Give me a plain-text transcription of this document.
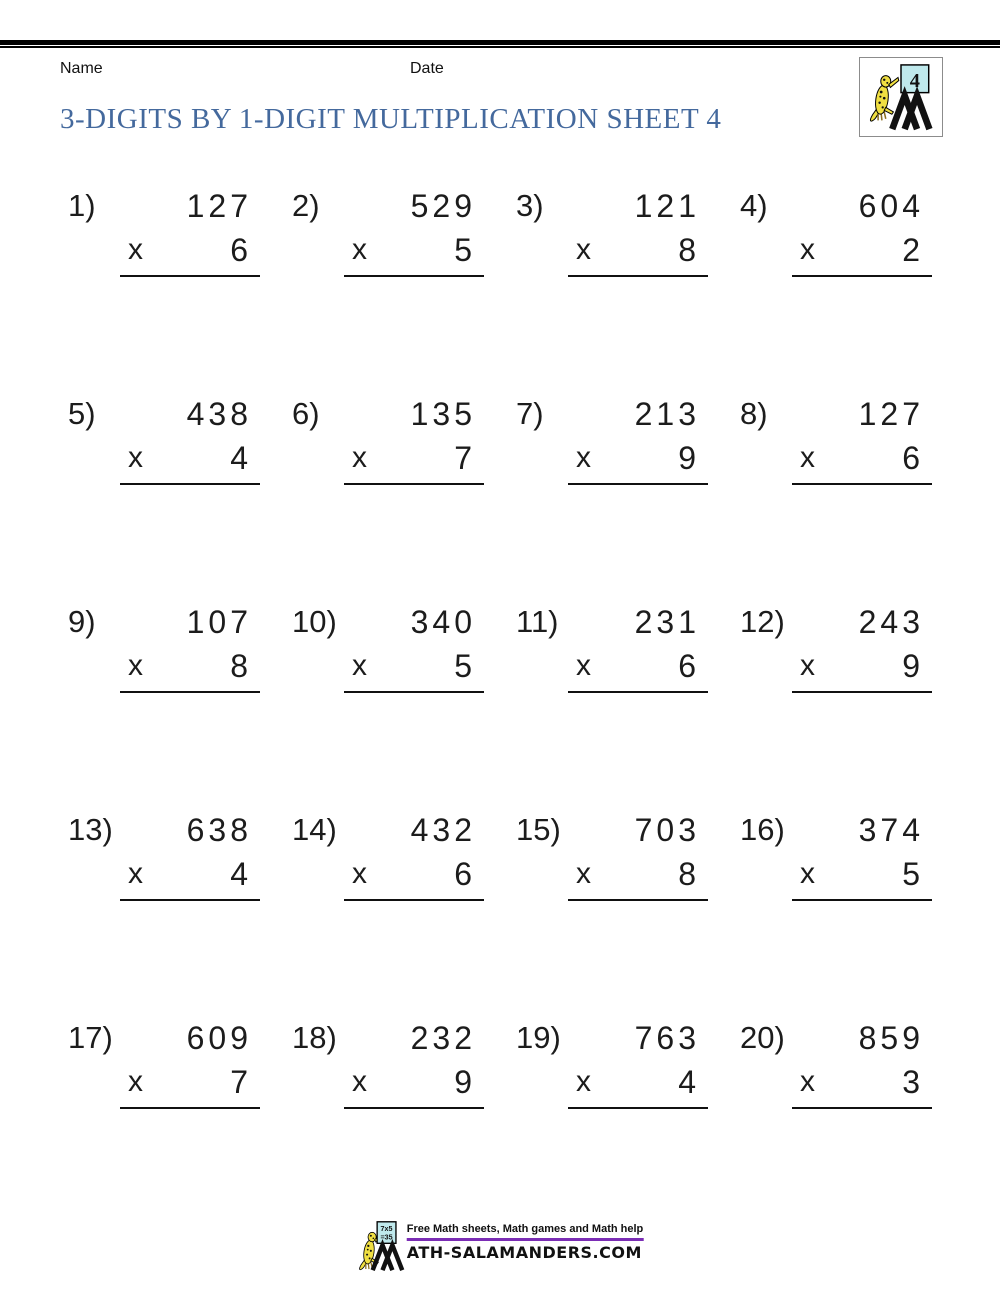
Name	Date
4
3-DIGITS BY 1-DIGIT MULTIPLICATION SHEET 4
1)	127
x	6
2)	529
x	5
3)	121
x	8
4)	604
x	2
5)	438
x	4
6)	135
x	7
7)	213
x	9
8)	127
x	6
9)	107
x	8
10)	340
x	5
11)	231
x	6
12)	243
x	9
13)	638
x	4
14)	432
x	6
15)	703
x	8
16)	374
x	5
17)	609
x	7
18)	232
x	9
19)	763
x	4
20)	859
x	3
7x5
=35
Free Math sheets, Math games and Math help
ATH-SALAMANDERS.COM
